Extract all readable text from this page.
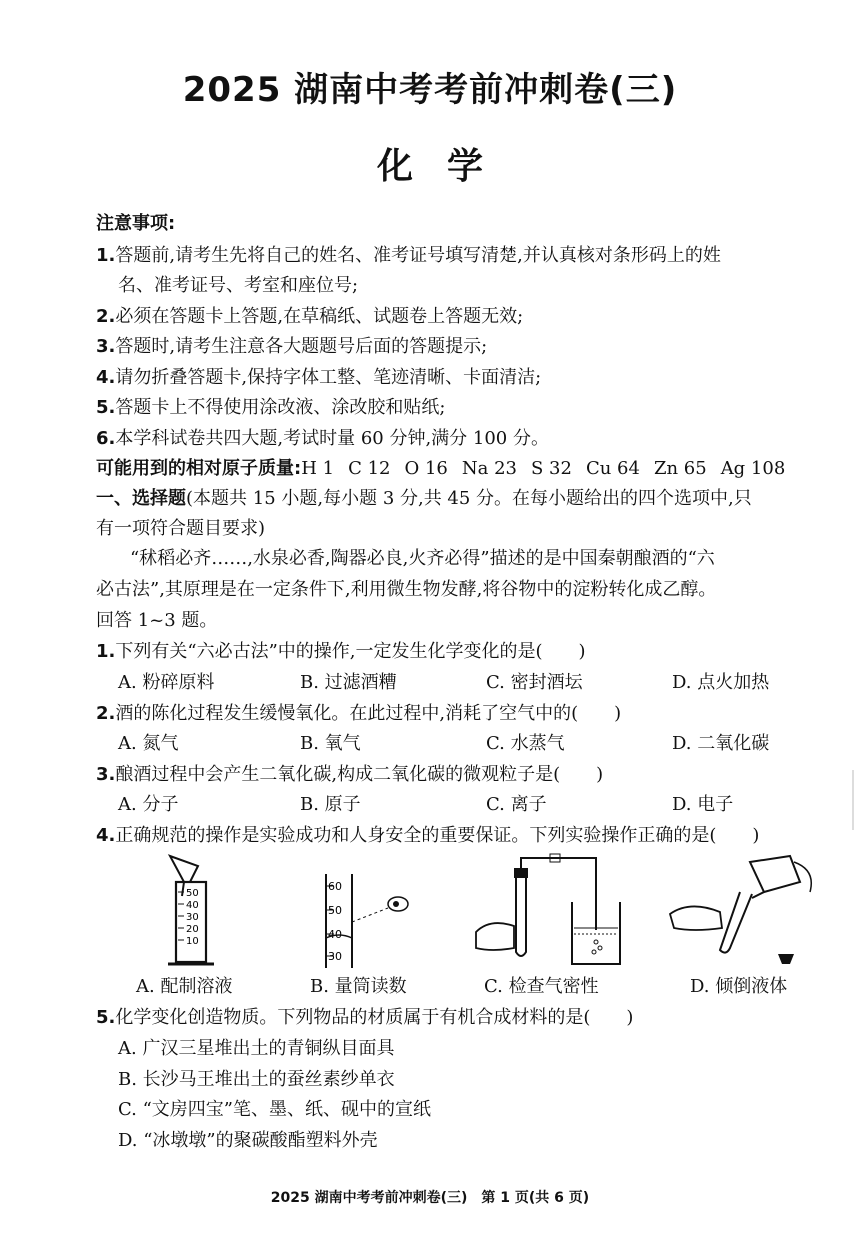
2025 湖南中考考前冲刺卷(三)
化学
注意事项:
1.答题前,请考生先将自己的姓名、准考证号填写清楚,并认真核对条形码上的姓
名、准考证号、考室和座位号;
2.必须在答题卡上答题,在草稿纸、试题卷上答题无效;
3.答题时,请考生注意各大题题号后面的答题提示;
4.请勿折叠答题卡,保持字体工整、笔迹清晰、卡面清洁;
5.答题卡上不得使用涂改液、涂改胶和贴纸;
6.本学科试卷共四大题,考试时量 60 分钟,满分 100 分。
可能用到的相对原子质量:H 1 C 12 O 16 Na 23 S 32 Cu 64 Zn 65 Ag 108
一、选择题(本题共 15 小题,每小题 3 分,共 45 分。在每小题给出的四个选项中,只
有一项符合题目要求)
“秫稻必齐……,水泉必香,陶器必良,火齐必得”描述的是中国秦朝酿酒的“六
必古法”,其原理是在一定条件下,利用微生物发酵,将谷物中的淀粉转化成乙醇。
回答 1~3 题。
1.下列有关“六必古法”中的操作,一定发生化学变化的是(　　)
A. 粉碎原料	B. 过滤酒糟	C. 密封酒坛	D. 点火加热
2.酒的陈化过程发生缓慢氧化。在此过程中,消耗了空气中的(　　)
A. 氮气	B. 氧气	C. 水蒸气	D. 二氧化碳
3.酿酒过程中会产生二氧化碳,构成二氧化碳的微观粒子是(　　)
A. 分子	B. 原子	C. 离子	D. 电子
4.正确规范的操作是实验成功和人身安全的重要保证。下列实验操作正确的是(　　)
50
40
30
20
10
60
50
40
30
A. 配制溶液	B. 量筒读数	C. 检查气密性	D. 倾倒液体
5.化学变化创造物质。下列物品的材质属于有机合成材料的是(　　)
A. 广汉三星堆出土的青铜纵目面具
B. 长沙马王堆出土的蚕丝素纱单衣
C. “文房四宝”笔、墨、纸、砚中的宣纸
D. “冰墩墩”的聚碳酸酯塑料外壳
2025 湖南中考考前冲刺卷(三)　第 1 页(共 6 页)
